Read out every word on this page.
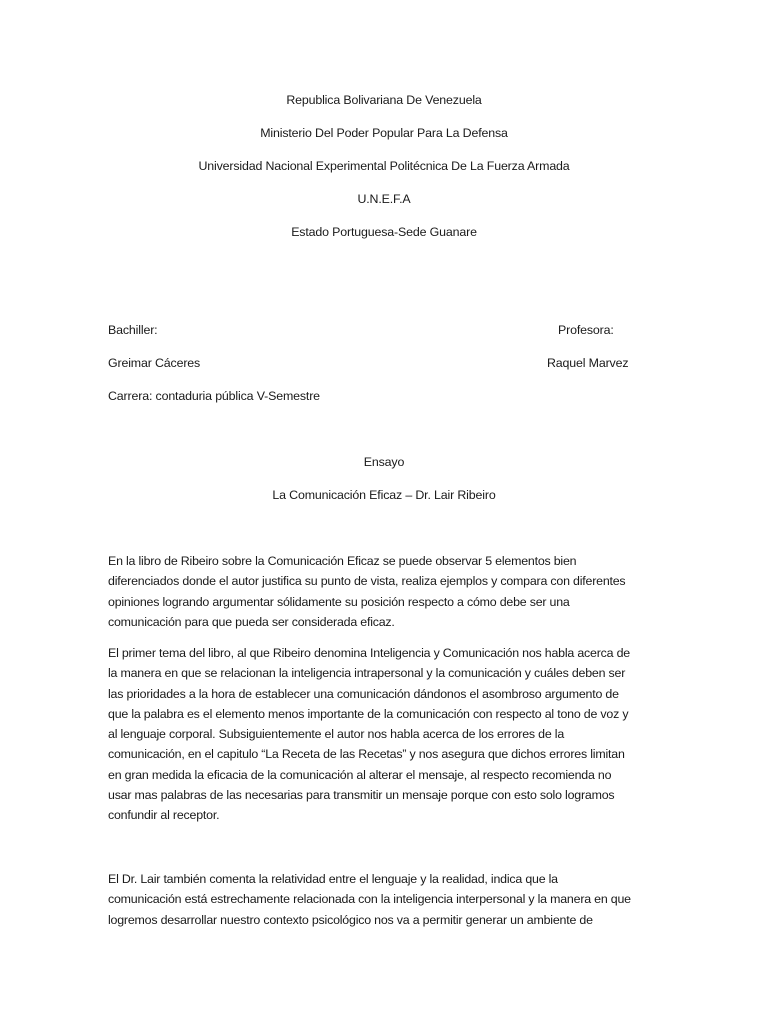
Republica Bolivariana De Venezuela
Ministerio Del Poder Popular Para La Defensa
Universidad Nacional Experimental Politécnica De La Fuerza Armada
U.N.E.F.A
Estado Portuguesa-Sede Guanare
Bachiller:	Profesora:
Greimar Cáceres	Raquel Marvez
Carrera: contaduria pública V-Semestre
Ensayo
La Comunicación Eficaz – Dr. Lair Ribeiro
En la libro de Ribeiro sobre la Comunicación Eficaz se puede observar 5 elementos bien
diferenciados donde el autor justifica su punto de vista, realiza ejemplos y compara con diferentes
opiniones logrando argumentar sólidamente su posición respecto a cómo debe ser una
comunicación para que pueda ser considerada eficaz.
El primer tema del libro, al que Ribeiro denomina Inteligencia y Comunicación nos habla acerca de
la manera en que se relacionan la inteligencia intrapersonal y la comunicación y cuáles deben ser
las prioridades a la hora de establecer una comunicación dándonos el asombroso argumento de
que la palabra es el elemento menos importante de la comunicación con respecto al tono de voz y
al lenguaje corporal. Subsiguientemente el autor nos habla acerca de los errores de la
comunicación, en el capitulo “La Receta de las Recetas” y nos asegura que dichos errores limitan
en gran medida la eficacia de la comunicación al alterar el mensaje, al respecto recomienda no
usar mas palabras de las necesarias para transmitir un mensaje porque con esto solo logramos
confundir al receptor.
El Dr. Lair también comenta la relatividad entre el lenguaje y la realidad, indica que la
comunicación está estrechamente relacionada con la inteligencia interpersonal y la manera en que
logremos desarrollar nuestro contexto psicológico nos va a permitir generar un ambiente de
